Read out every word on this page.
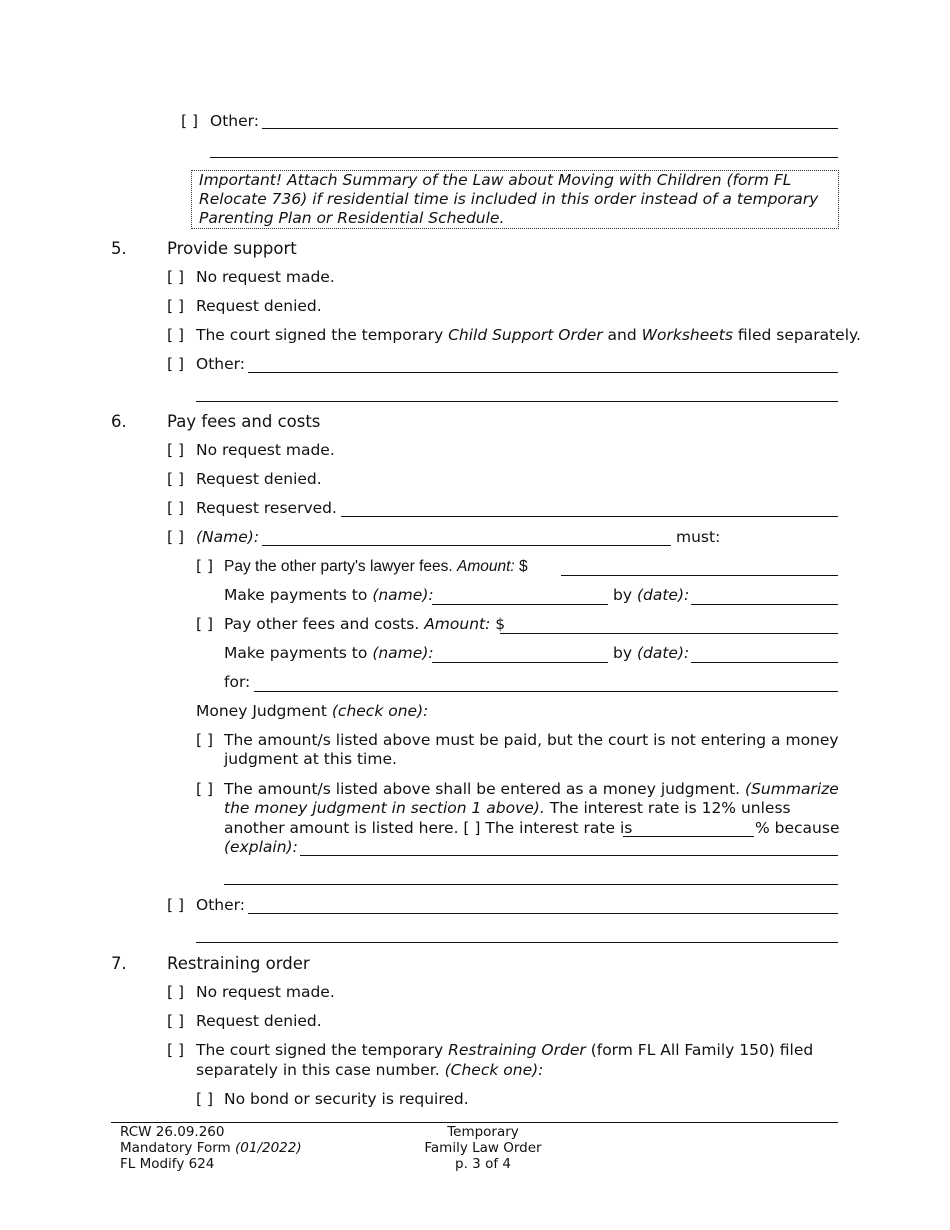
[ ] Other:
Important! Attach Summary of the Law about Moving with Children (form FL
Relocate 736) if residential time is included in this order instead of a temporary
Parenting Plan or Residential Schedule.
5. Provide support
[ ] No request made.
[ ] Request denied.
[ ] The court signed the temporary Child Support Order and Worksheets filed separately.
[ ] Other:
6. Pay fees and costs
[ ] No request made.
[ ] Request denied.
[ ] Request reserved.
[ ] (Name):	must:
[ ] Pay the other party's lawyer fees. Amount: $
Make payments to (name):	by (date):
[ ] Pay other fees and costs. Amount: $
Make payments to (name):	by (date):
for:
Money Judgment (check one):
[ ] The amount/s listed above must be paid, but the court is not entering a money
judgment at this time.
[ ] The amount/s listed above shall be entered as a money judgment. (Summarize
the money judgment in section 1 above). The interest rate is 12% unless
another amount is listed here. [ ] The interest rate is	% because
(explain):
[ ] Other:
7. Restraining order
[ ] No request made.
[ ] Request denied.
[ ] The court signed the temporary Restraining Order (form FL All Family 150) filed
separately in this case number. (Check one):
[ ] No bond or security is required.
RCW 26.09.260
Mandatory Form (01/2022)
FL Modify 624
Temporary
Family Law Order
p. 3 of 4
